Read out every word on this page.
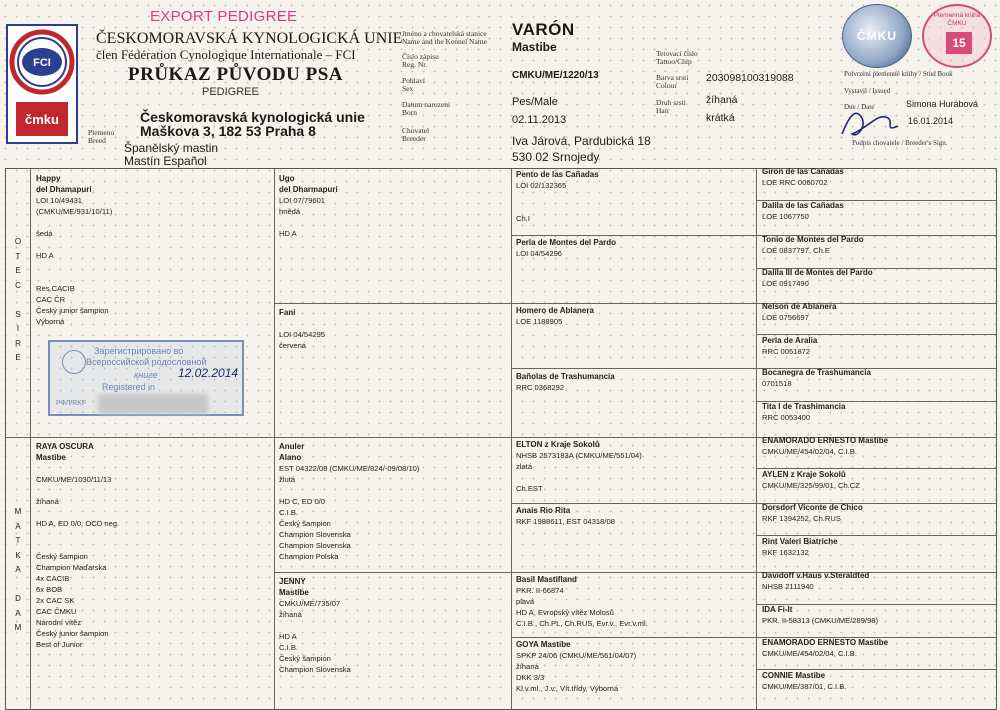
EXPORT PEDIGREE
FCI
čmku
ČESKOMORAVSKÁ KYNOLOGICKÁ UNIE
člen Fédération Cynologique Internationale – FCI
PRŮKAZ PŮVODU PSA
PEDIGREE
Českomoravská kynologická unie
Maškova 3, 182 53 Praha 8
Plemeno
Breed
Španělský mastin
Mastín Español
Jméno a chovatelská stanice
Name and the Kennel Name
Číslo zápisu
Reg. Nr.
Pohlaví
Sex
Datum narození
Born
Chovatel
Breeder
VARÓN
Mastibe
CMKU/ME/1220/13
Pes/Male
02.11.2013
Iva Járová, Pardubická 18
530 02 Srnojedy
Tetovací číslo
Tattoo/Chip
Barva srsti
Colour
Druh srsti
Hair
203098100319088
žíhaná
krátká
Potvrzení plemenné knihy / Stud Book
Vystavil / Issued
Due / Date	Simona Hurábová
16.01.2014
Podpis chovatele / Breeder's Sign.
ČMKU
Plemenná kniha ČMKU
15
O
T
E
C

S
I
R
E
M
A
T
K
A

D
A
M

Happy

del Dhamapuri

LOI 10/49431

(CMKU/ME/931/10/11)

šedá

HD A

Res.CACIB

CAC ČR

Český junior šampion

Výborná

RAYA OSCURA

Mastibe

CMKU/ME/1030/11/13

žíhaná

HD A, ED 0/0, OCD neg.

Český šampion

Champion Maďarska

4x CACIB

6x BOB

2x CAC SK

CAC ČMKU

Národní vítěz

Český junior šampion

Best of Junior

Ugo

del Dharmapuri

LOI 07/79601

hnědá

HD A

Fani

LOI 04/54295

červená

Anuler

Alano

EST 04322/08 (CMKU/ME/824/-09/08/10)

žlutá

HD C, ED 0/0

C.I.B.

Český šampion

Champion Slovenska

Champion Slovenska

Champion Polska

JENNY

Mastibe

CMKU/ME/735/07

žíhaná

HD A

C.I.B.

Český šampion

Champion Slovenska

Pento de las Cañadas

LOI 02/132365

Ch.I

Perla de Montes del Pardo

LOI 04/54296

Homero de Ablanera

LOE 1188905

Bañolas de Trashumancia

RRC 0368292

ELTON z Kraje Sokolů

NHSB 2573183A (CMKU/ME/551/04)

zlatá

Ch.EST

Anais Rio Rita

RKF 1988611, EST 04318/08

Basil Mastifland

PKR. II-66874

plavá

HD A, Evropský vítěz Molosů

C.I.B., Ch.PL, Ch.RUS, Evr.v., Evr.v.ml.

GOYA Mastibe

SPKP 24/06 (CMKU/ME/561/04/07)

žíhaná

DKK 3/3

Kl.v.ml., J.v., Vít.třídy, Výborná

Giron de las Cañadas

LOE RRC 0060702

Dalila de las Cañadas

LOE 1067750

Tonio de Montes del Pardo

LOE 0837797, Ch.E

Dalila III de Montes del Pardo

LOE 0917490

Nelson de Ablanera

LOE 0756697

Perla de Aralia

RRC 0051872

Bocanegra de Trashumancia

0701518

Tita I de Trashimancia

RRC 0053400

ENAMORADO ERNESTO Mastibe

CMKU/ME/454/02/04, C.I.B.

AYLEN z Kraje Sokolů

CMKU/ME/325/99/01, Ch.CZ

Dorsdorf Viconte de Chico

RKF 1394252, Ch.RUS

Rint Valeri Biatriche

RKF 1632132

Davidoff v.Haus v.Steraldted

NHSB 2111940

IDA Fi-It

PKR. II-58313 (CMKU/ME/289/98)

ENAMORADO ERNESTO Mastibe

CMKU/ME/454/02/04, C.I.B.

CONNIE Mastibe

CMKU/ME/387/01, C.I.B.

Зарегистрировано во
Всероссийской родословной
книге 12.02.2014
Registered in
РФЛ/RKF
